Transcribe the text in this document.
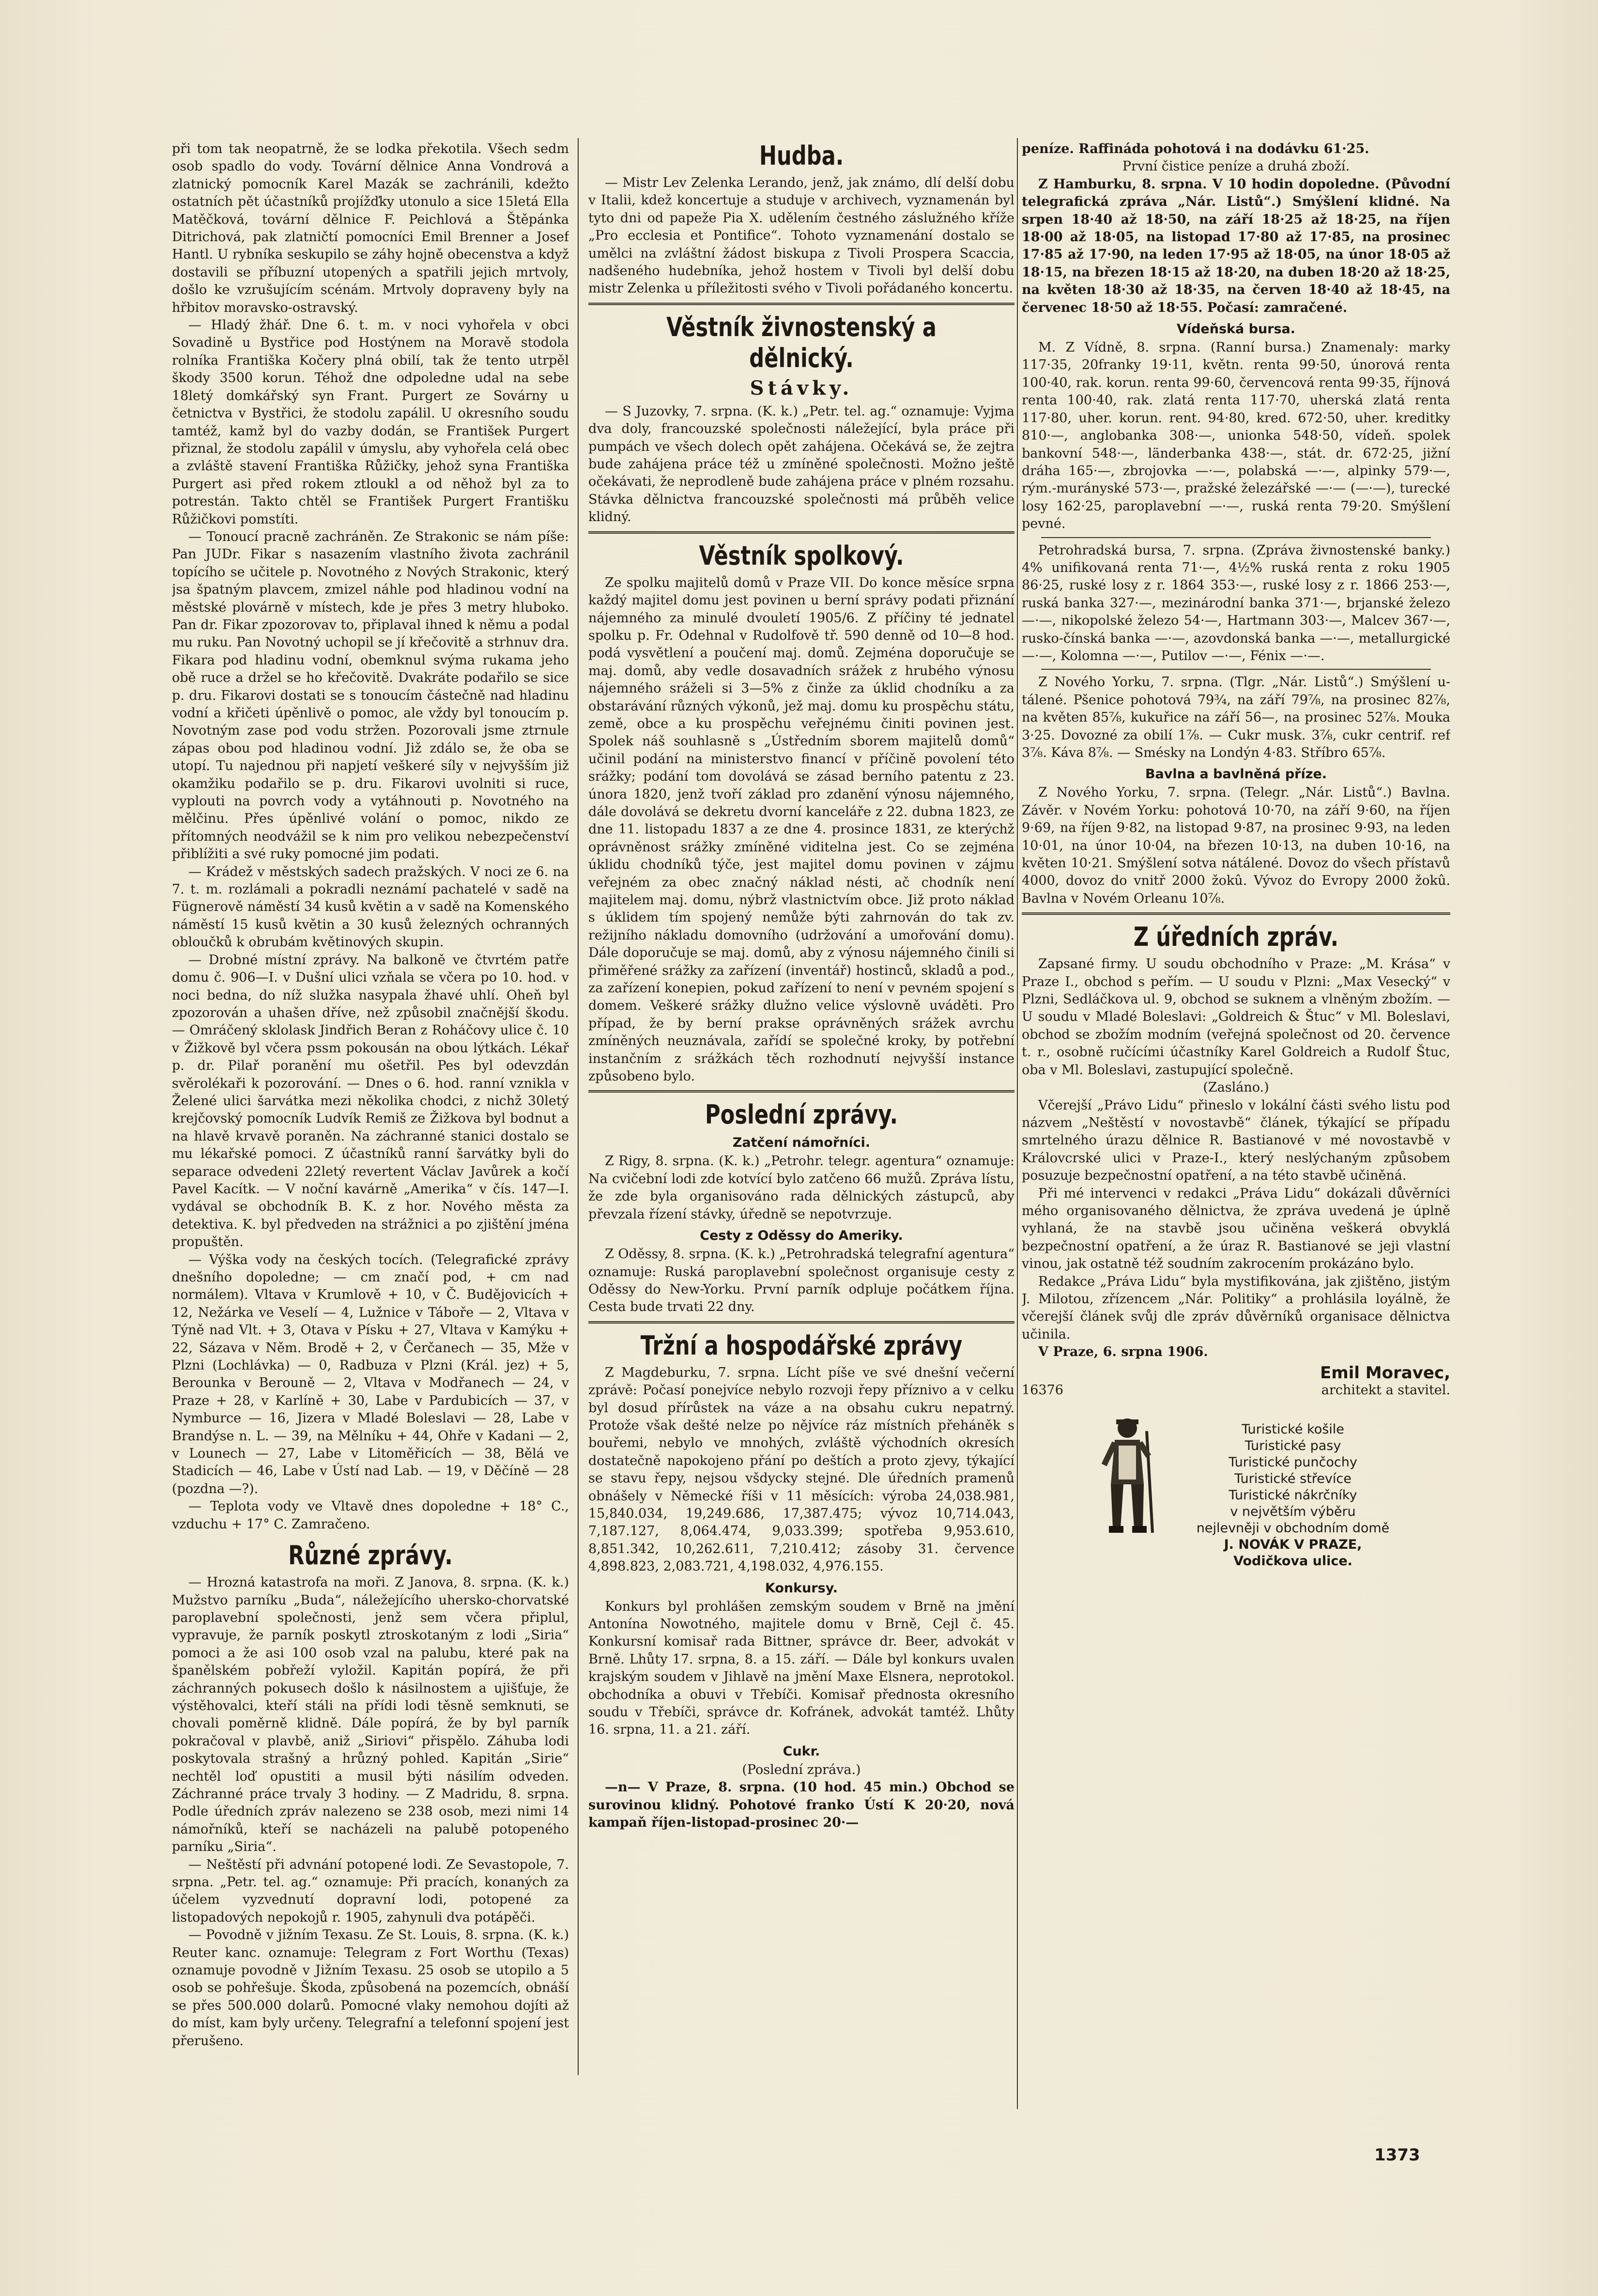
při tom tak neopatrně, že se lodka překotila. Všech sedm osob spadlo do vody. Tovární dělnice Anna Vondrová a zlatnický pomocník Karel Mazák se zachránili, kdežto ostatních pět účastníků projížďky utonulo a sice 15letá Ella Matěčková, tovární dělnice F. Peichlová a Štěpánka Ditrichová, pak zlatničtí pomocníci Emil Brenner a Josef Hantl. U rybníka seskupilo se záhy hojně obecenstva a když dostavili se příbuzní utopených a spatřili jejich mrtvoly, došlo ke vzrušujícím scénám. Mrtvoly dopraveny byly na hřbitov moravsko-ostravský.

— Hladý žhář. Dne 6. t. m. v noci vyhořela v obci Sovadině u Bystřice pod Hostýnem na Moravě stodola rolníka Františka Kočery plná obilí, tak že tento utrpěl škody 3500 korun. Téhož dne odpoledne udal na sebe 18letý domkářský syn Frant. Purgert ze Sovárny u četnictva v Bystřici, že stodolu zapálil. U okresního soudu tamtéž, kamž byl do vazby dodán, se František Purgert přiznal, že stodolu zapálil v úmyslu, aby vyhořela celá obec a zvláště stavení Františka Růžičky, jehož syna Františka Purgert asi před rokem ztloukl a od něhož byl za to potrestán. Takto chtěl se František Purgert Františku Růžičkovi pomstíti.

— Tonoucí pracně zachráněn. Ze Strakonic se nám píše: Pan JUDr. Fikar s nasazením vlastního života zachránil topícího se učitele p. Novotného z Nových Strakonic, který jsa špatným plavcem, zmizel náhle pod hladinou vodní na městské plovárně v místech, kde je přes 3 metry hluboko. Pan dr. Fikar zpozorovav to, připlaval ihned k němu a podal mu ruku. Pan Novotný uchopil se jí křečovitě a strhnuv dra. Fikara pod hladinu vodní, obemknul svýma rukama jeho obě ruce a držel se ho křečovitě. Dvakráte podařilo se sice p. dru. Fikarovi dostati se s tonoucím částečně nad hladinu vodní a křičeti úpěnlivě o pomoc, ale vždy byl tonoucím p. Novotným zase pod vodu stržen. Pozorovali jsme ztrnule zápas obou pod hladinou vodní. Již zdálo se, že oba se utopí. Tu najednou při napjetí veškeré síly v nejvyšším již okamžiku podařilo se p. dru. Fikarovi uvolniti si ruce, vyplouti na povrch vody a vytáhnouti p. Novotného na mělčinu. Přes úpěnlivé volání o pomoc, nikdo ze přítomných neodvážil se k nim pro velikou nebezpečenství přiblížiti a své ruky pomocné jim podati.

— Krádež v městských sadech pražských. V noci ze 6. na 7. t. m. rozlámali a pokradli neznámí pachatelé v sadě na Fügnerově náměstí 34 kusů květin a v sadě na Komenského náměstí 15 kusů květin a 30 kusů železných ochranných obloučků k obrubám květinových skupin.

— Drobné místní zprávy. Na balkoně ve čtvrtém patře domu č. 906—I. v Dušní ulici vzňala se včera po 10. hod. v noci bedna, do níž služka nasypala žhavé uhlí. Oheň byl zpozorován a uhašen dříve, než způsobil značnější škodu. — Omráčený sklolask Jindřich Beran z Roháčovy ulice č. 10 v Žižkově byl včera pssm pokousán na obou lýtkách. Lékař p. dr. Pilař poranění mu ošetřil. Pes byl odevzdán svěrolékaři k pozorování. — Dnes o 6. hod. ranní vznikla v Želené ulici šarvátka mezi několika chodci, z nichž 30letý krejčovský pomocník Ludvík Remiš ze Žižkova byl bodnut a na hlavě krvavě poraněn. Na záchranné stanici dostalo se mu lékařské pomoci. Z účastníků ranní šarvátky byli do separace odvedeni 22letý revertent Václav Javůrek a kočí Pavel Kacítk. — V noční kavárně „Amerika“ v čís. 147—I. vydával se obchodník B. K. z hor. Nového města za detektiva. K. byl předveden na strážnici a po zjištění jména propuštěn.

— Výška vody na českých tocích. (Telegrafické zprávy dnešního dopoledne; — cm značí pod, + cm nad normálem). Vltava v Krumlově + 10, v Č. Budějovicích + 12, Nežárka ve Veselí — 4, Lužnice v Táboře — 2, Vltava v Týně nad Vlt. + 3, Otava v Písku + 27, Vltava v Kamýku + 22, Sázava v Něm. Brodě + 2, v Čerčanech — 35, Mže v Plzni (Lochlávka) — 0, Radbuza v Plzni (Král. jez) + 5, Berounka v Berouně — 2, Vltava v Modřanech — 24, v Praze + 28, v Karlíně + 30, Labe v Pardubicích — 37, v Nymburce — 16, Jizera v Mladé Boleslavi — 28, Labe v Brandýse n. L. — 39, na Mělníku + 44, Ohře v Kadani — 2, v Lounech — 27, Labe v Litoměřicích — 38, Bělá ve Stadicích — 46, Labe v Ústí nad Lab. — 19, v Děčíně — 28 (pozdna —?).

— Teplota vody ve Vltavě dnes dopoledne + 18° C., vzduchu + 17° C. Zamračeno.

Různé zprávy.

— Hrozná katastrofa na moři. Z Janova, 8. srpna. (K. k.) Mužstvo parníku „Buda“, náležejícího uhersko-chorvatské paroplavební společnosti, jenž sem včera připlul, vypravuje, že parník poskytl ztroskotaným z lodi „Siria“ pomoci a že asi 100 osob vzal na palubu, které pak na španělském pobřeží vyložil. Kapitán popírá, že při záchranných pokusech došlo k násilnostem a ujišťuje, že výstěhovalci, kteří stáli na přídi lodi těsně semknuti, se chovali poměrně klidně. Dále popírá, že by byl parník pokračoval v plavbě, aniž „Siriovi“ přispělo. Záhuba lodi poskytovala strašný a hrůzný pohled. Kapitán „Sirie“ nechtěl loď opustiti a musil býti násilím odveden. Záchranné práce trvaly 3 hodiny. — Z Madridu, 8. srpna. Podle úředních zpráv nalezeno se 238 osob, mezi nimi 14 námořníků, kteří se nacházeli na palubě potopeného parníku „Siria“.

— Neštěstí při advnání potopené lodi. Ze Sevastopole, 7. srpna. „Petr. tel. ag.“ oznamuje: Při pracích, konaných za účelem vyzvednutí dopravní lodi, potopené za listopadových nepokojů r. 1905, zahynuli dva potápěči.

— Povodně v jižním Texasu. Ze St. Louis, 8. srpna. (K. k.) Reuter kanc. oznamuje: Telegram z Fort Worthu (Texas) oznamuje povodně v Jižním Texasu. 25 osob se utopilo a 5 osob se pohřešuje. Škoda, způsobená na pozemcích, obnáší se přes 500.000 dolarů. Pomocné vlaky nemohou dojíti až do míst, kam byly určeny. Telegrafní a telefonní spojení jest přerušeno.

Hudba.

— Mistr Lev Zelenka Lerando, jenž, jak známo, dlí delší dobu v Italii, kdež koncertuje a studuje v archivech, vyznamenán byl tyto dni od papeže Pia X. udělením čestného záslužného kříže „Pro ecclesia et Pontifice“. Tohoto vyznamenání dostalo se umělci na zvláštní žádost biskupa z Tivoli Prospera Scaccia, nadšeného hudebníka, jehož hostem v Tivoli byl delší dobu mistr Zelenka u příležitosti svého v Tivoli pořádaného koncertu.

Věstník živnostenský a dělnický.
Stávky.

— S Juzovky, 7. srpna. (K. k.) „Petr. tel. ag.“ oznamuje: Vyjma dva doly, francouzské společnosti náležející, byla práce při pumpách ve všech dolech opět zahájena. Očekává se, že zejtra bude zahájena práce též u zmíněné společnosti. Možno ještě očekávati, že neprodleně bude zahájena práce v plném rozsahu. Stávka dělnictva francouzské společnosti má průběh velice klidný.

Věstník spolkový.

Ze spolku majitelů domů v Praze VII. Do konce měsíce srpna každý majitel domu jest povinen u berní správy podati přiznání nájemného za minulé dvouletí 1905/6. Z příčiny té jednatel spolku p. Fr. Odehnal v Rudolfově tř. 590 denně od 10—8 hod. podá vysvětlení a poučení maj. domů. Zejména doporučuje se maj. domů, aby vedle dosavadních srážek z hrubého výnosu nájemného sráželi si 3—5% z činže za úklid chodníku a za obstarávání různých výkonů, jež maj. domu ku prospěchu státu, země, obce a ku prospěchu veřejnému činiti povinen jest. Spolek náš souhlasně s „Ústředním sborem majitelů domů“ učinil podání na ministerstvo financí v příčině povolení této srážky; podání tom dovolává se zásad berního patentu z 23. února 1820, jenž tvoří základ pro zdanění výnosu nájemného, dále dovolává se dekretu dvorní kanceláře z 22. dubna 1823, ze dne 11. listopadu 1837 a ze dne 4. prosince 1831, ze kterýchž oprávněnost srážky zmíněné viditelna jest. Co se zejména úklidu chodníků týče, jest majitel domu povinen v zájmu veřejném za obec značný náklad nésti, ač chodník není majitelem maj. domu, nýbrž vlastnictvím obce. Již proto náklad s úklidem tím spojený nemůže býti zahrnován do tak zv. režijního nákladu domovního (udržování a umořování domu). Dále doporučuje se maj. domů, aby z výnosu nájemného činili si přiměřené srážky za zařízení (inventář) hostinců, skladů a pod., za zařízení konepien, pokud zařízení to není v pevném spojení s domem. Veškeré srážky dlužno velice výslovně uváděti. Pro případ, že by berní prakse oprávněných srážek avrchu zmíněných neuznávala, zařídí se společné kroky, by potřební instančním z srážkách těch rozhodnutí nejvyšší instance způsobeno bylo.

Poslední zprávy.
Zatčení námořníci.

Z Rigy, 8. srpna. (K. k.) „Petrohr. telegr. agentura“ oznamuje: Na cvičební lodi zde kotvící bylo zatčeno 66 mužů. Zpráva lístu, že zde byla organisováno rada dělnických zástupců, aby převzala řízení stávky, úředně se nepotvrzuje.

Cesty z Oděssy do Ameriky.

Z Oděssy, 8. srpna. (K. k.) „Petrohradská telegrafní agentura“ oznamuje: Ruská paroplavební společnost organisuje cesty z Oděssy do New-Yorku. První parník odpluje počátkem října. Cesta bude trvati 22 dny.

Tržní a hospodářské zprávy

Z Magdeburku, 7. srpna. Lícht píše ve své dnešní večerní zprávě: Počasí ponejvíce nebylo rozvoji řepy příznivo a v celku byl dosud přírůstek na váze a na obsahu cukru nepatrný. Protože však dešté nelze po nějvíce ráz místních přeháněk s bouřemi, nebylo ve mnohých, zvláště východních okresích dostatečně napokojeno přání po deštích a proto zjevy, týkající se stavu řepy, nejsou všdycky stejné. Dle úředních pramenů obnášely v Německé říši v 11 měsících: výroba 24,038.981, 15,840.034, 19,249.686, 17,387.475; vývoz 10,714.043, 7,187.127, 8,064.474, 9,033.399; spotřeba 9,953.610, 8,851.342, 10,262.611, 7,210.412; zásoby 31. července 4,898.823, 2,083.721, 4,198.032, 4,976.155.

Konkursy.

Konkurs byl prohlášen zemským soudem v Brně na jmění Antonína Nowotného, majitele domu v Brně, Cejl č. 45. Konkursní komisař rada Bittner, správce dr. Beer, advokát v Brně. Lhůty 17. srpna, 8. a 15. září. — Dále byl konkurs uvalen krajským soudem v Jihlavě na jmění Maxe Elsnera, neprotokol. obchodníka a obuvi v Třebíči. Komisař přednosta okresního soudu v Třebíči, správce dr. Kofránek, advokát tamtéž. Lhůty 16. srpna, 11. a 21. září.

Cukr.

(Poslední zpráva.)

—n— V Praze, 8. srpna. (10 hod. 45 min.) Obchod se surovinou klidný. Pohotové franko Ústí K 20·20, nová kampaň říjen-listopad-prosinec 20·—

peníze. Raffináda pohotová i na dodávku 61·25.

První čistice peníze a druhá zboží.

Z Hamburku, 8. srpna. V 10 hodin dopoledne. (Původní telegrafická zpráva „Nár. Listů“.) Smýšlení klidné. Na srpen 18·40 až 18·50, na září 18·25 až 18·25, na říjen 18·00 až 18·05, na listopad 17·80 až 17·85, na prosinec 17·85 až 17·90, na leden 17·95 až 18·05, na únor 18·05 až 18·15, na březen 18·15 až 18·20, na duben 18·20 až 18·25, na květen 18·30 až 18·35, na červen 18·40 až 18·45, na červenec 18·50 až 18·55. Počasí: zamračené.

Vídeňská bursa.

M. Z Vídně, 8. srpna. (Ranní bursa.) Znamenaly: marky 117·35, 20franky 19·11, květn. renta 99·50, únorová renta 100·40, rak. korun. renta 99·60, červencová renta 99·35, říjnová renta 100·40, rak. zlatá renta 117·70, uherská zlatá renta 117·80, uher. korun. rent. 94·80, kred. 672·50, uher. kreditky 810·—, anglobanka 308·—, unionka 548·50, vídeň. spolek bankovní 548·—, länderbanka 438·—, stát. dr. 672·25, jižní dráha 165·—, zbrojovka —·—, polabská —·—, alpinky 579·—, rým.-murányské 573·—, pražské železářské —·— (—·—), turecké losy 162·25, paroplavební —·—, ruská renta 79·20. Smýšlení pevné.

Petrohradská bursa, 7. srpna. (Zpráva živnostenské banky.) 4% unifikovaná renta 71·—, 4½% ruská renta z roku 1905 86·25, ruské losy z r. 1864 353·—, ruské losy z r. 1866 253·—, ruská banka 327·—, mezinárodní banka 371·—, brjanské železo —·—, nikopolské železo 54·—, Hartmann 303·—, Malcev 367·—, rusko-čínská banka —·—, azovdonská banka —·—, metallurgické —·—, Kolomna —·—, Putilov —·—, Fénix —·—.

Z Nového Yorku, 7. srpna. (Tlgr. „Nár. Listů“.) Smýšlení u-tálené. Pšenice pohotová 79¾, na září 79⅞, na prosinec 82⅞, na květen 85⅞, kukuřice na září 56—, na prosinec 52⅞. Mouka 3·25. Dovozné za obilí 1⅞. — Cukr musk. 3⅞, cukr centrif. ref 3⅞. Káva 8⅞. — Smésky na Londýn 4·83. Stříbro 65⅞.

Bavlna a bavlněná příze.

Z Nového Yorku, 7. srpna. (Telegr. „Nár. Listů“.) Bavlna. Závěr. v Novém Yorku: pohotová 10·70, na září 9·60, na říjen 9·69, na říjen 9·82, na listopad 9·87, na prosinec 9·93, na leden 10·01, na únor 10·04, na březen 10·13, na duben 10·16, na květen 10·21. Smýšlení sotva nátálené. Dovoz do všech přístavů 4000, dovoz do vnitř 2000 žokû. Vývoz do Evropy 2000 žokû. Bavlna v Novém Orleanu 10⅞.

Z úředních zpráv.

Zapsané firmy. U soudu obchodního v Praze: „M. Krása“ v Praze I., obchod s peřím. — U soudu v Plzni: „Max Vesecký“ v Plzni, Sedláčkova ul. 9, obchod se suknem a vlněným zbožím. — U soudu v Mladé Boleslavi: „Goldreich & Štuc“ v Ml. Boleslavi, obchod se zbožím modním (veřejná společnost od 20. července t. r., osobně ručícími účastníky Karel Goldreich a Rudolf Štuc, oba v Ml. Boleslavi, zastupující společně.

(Zasláno.)

Včerejší „Právo Lidu“ přineslo v lokální části svého listu pod názvem „Neštěstí v novostavbě“ článek, týkající se případu smrtelného úrazu dělnice R. Bastianové v mé novostavbě v Královcrské ulici v Praze-I., který neslýchaným způsobem posuzuje bezpečnostní opatření, a na této stavbě učiněná.

Při mé intervenci v redakci „Práva Lidu“ dokázali důvěrníci mého organisovaného dělnictva, že zpráva uvedená je úplně vyhlaná, že na stavbě jsou učiněna veškerá obvyklá bezpečnostní opatření, a že úraz R. Bastianové se jeji vlastní vinou, jak ostatně též soudním zakrocením prokázáno bylo.

Redakce „Práva Lidu“ byla mystifikována, jak zjištěno, jistým J. Milotou, zřízencem „Nár. Politiky“ a prohlásila loyálně, že včerejší článek svůj dle zpráv důvěrníků organisace dělnictva učinila.

V Praze, 6. srpna 1906.

Emil Moravec,
16376	architekt a stavitel.
Turistické košile
Turistické pasy
Turistické punčochy
Turistické střevíce
Turistické nákrčníky
v největším výběru
nejlevněji v obchodním domě
J. NOVÁK V PRAZE,
Vodičkova ulice.
1373
